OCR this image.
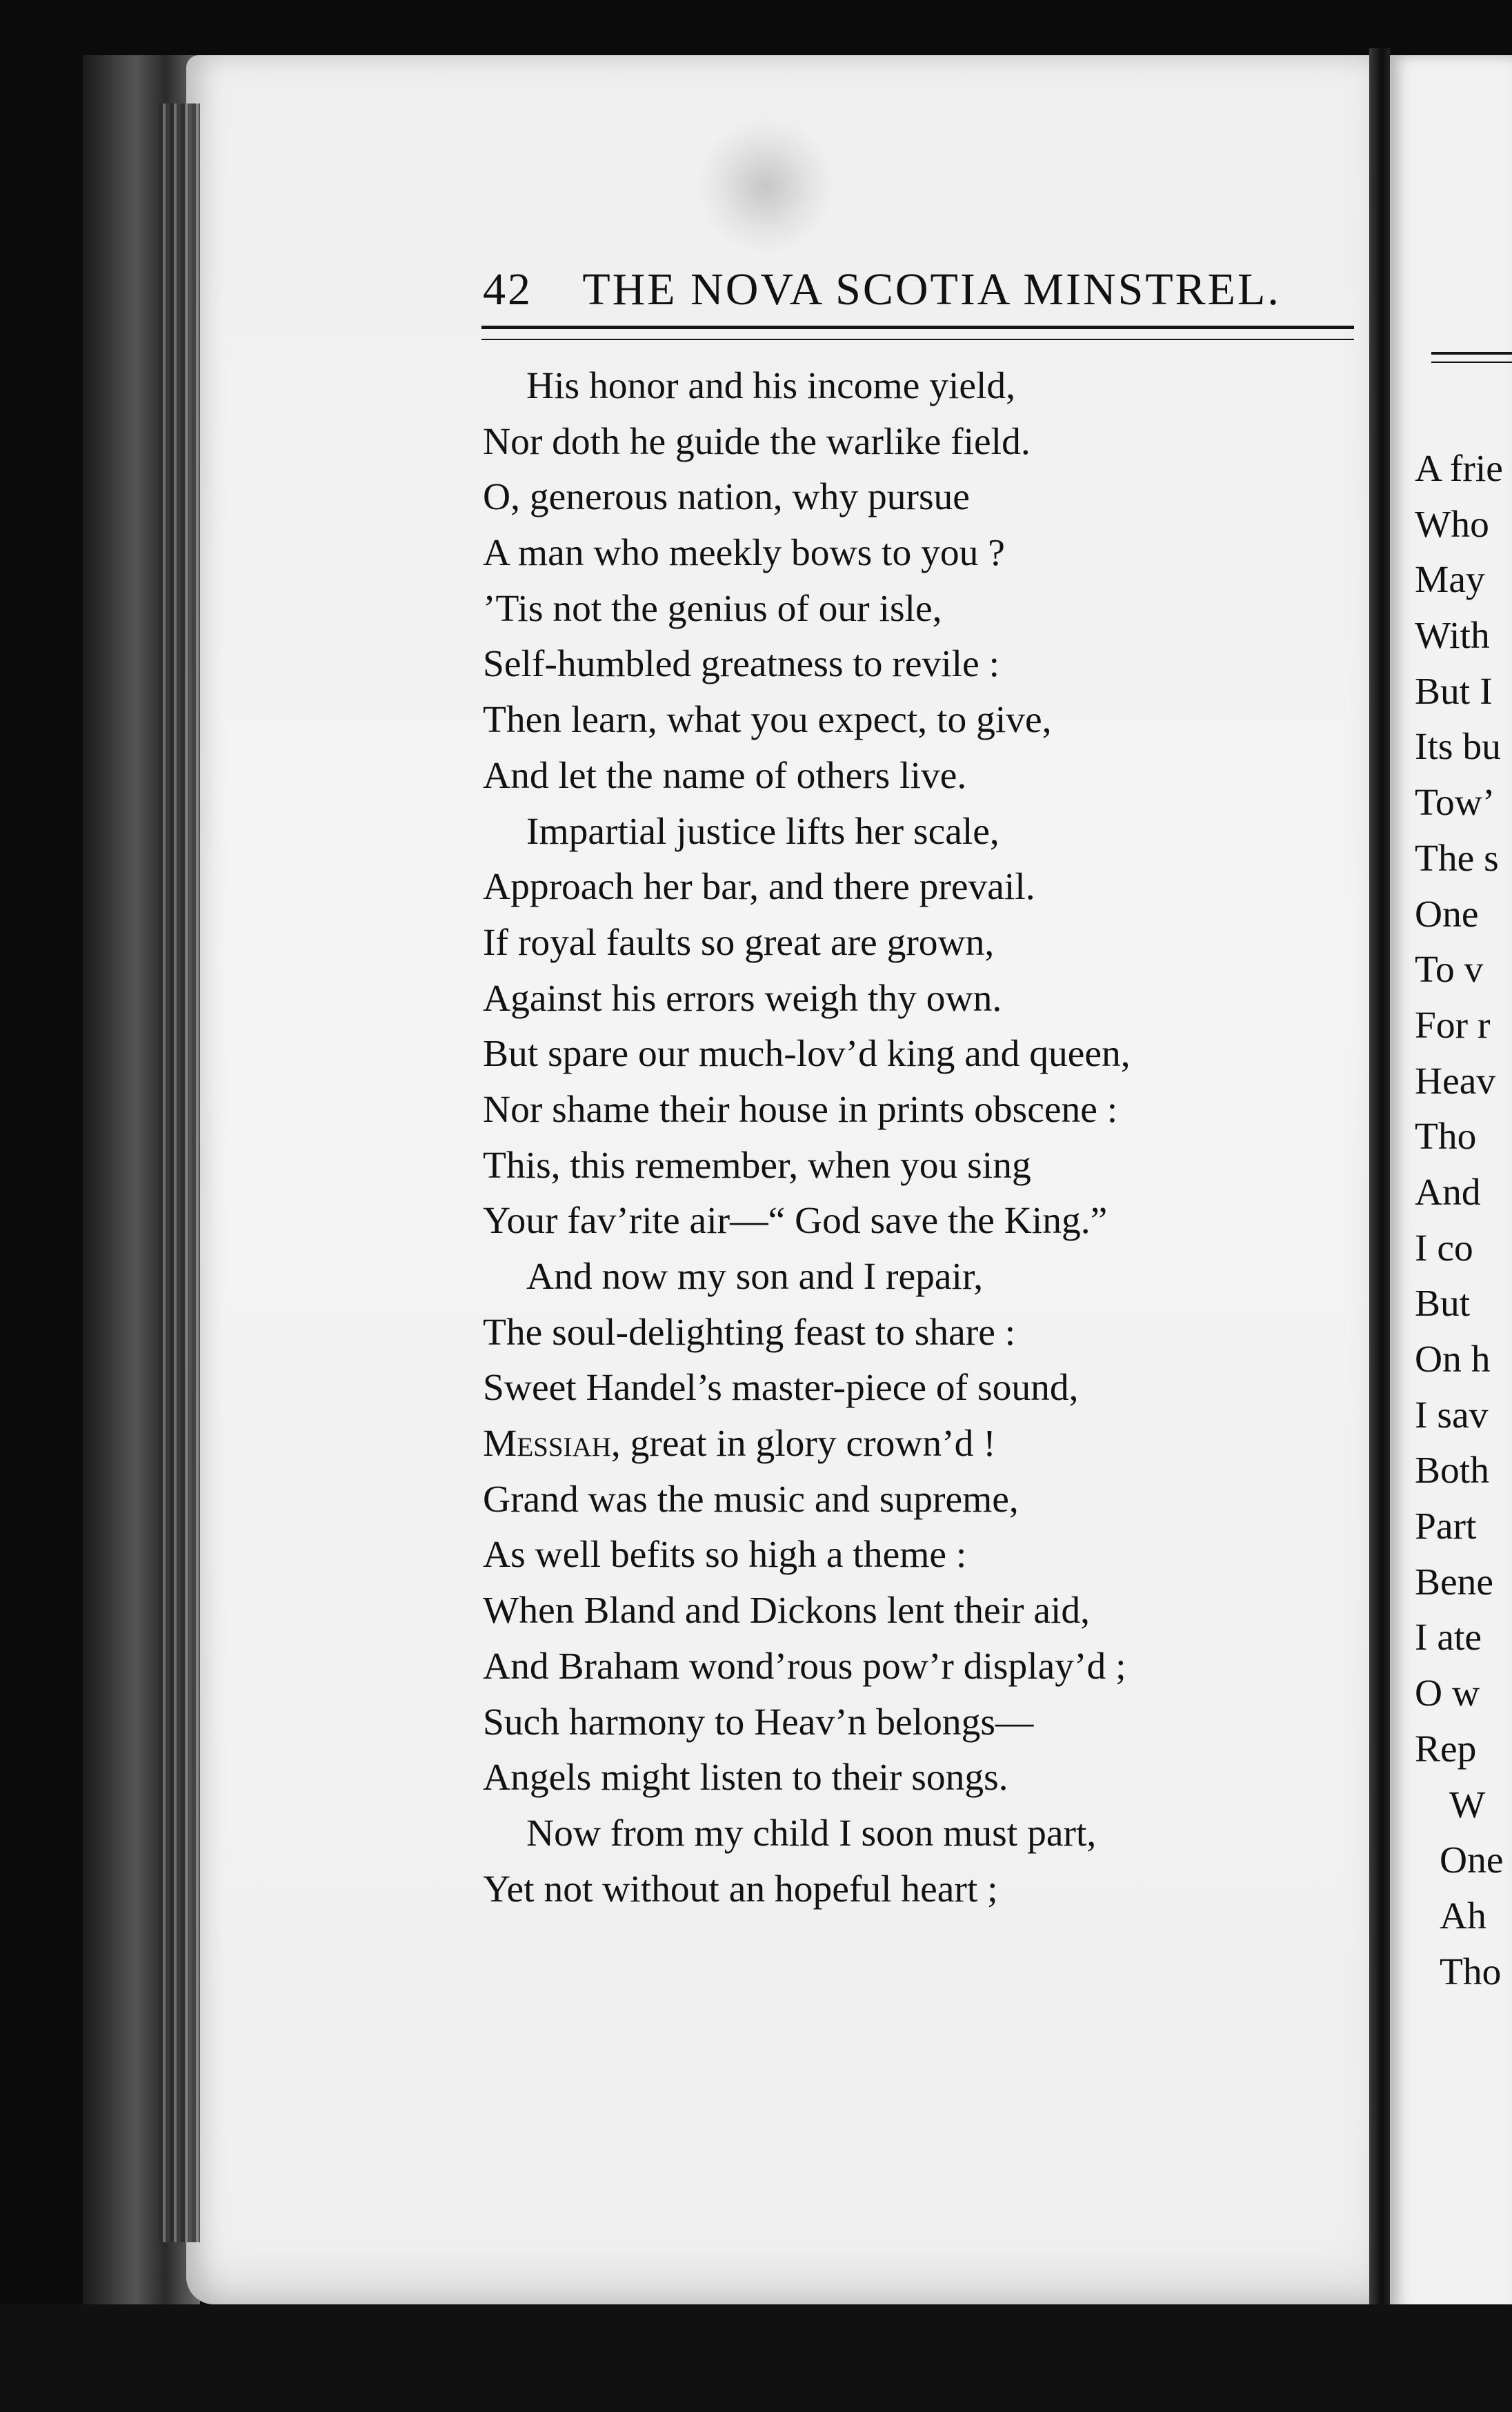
A frie
Who
May
With
But I
Its bu
Tow’
The s
One
To v
For r
Heav
Tho
And
I co
But
On h
I sav
Both
Part
Bene
I ate
O w
Rep
W
One
Ah
Tho
42 THE NOVA SCOTIA MINSTREL.
His honor and his income yield,
Nor doth he guide the warlike field.
O, generous nation, why pursue
A man who meekly bows to you ?
’Tis not the genius of our isle,
Self-humbled greatness to revile :
Then learn, what you expect, to give,
And let the name of others live.
Impartial justice lifts her scale,
Approach her bar, and there prevail.
If royal faults so great are grown,
Against his errors weigh thy own.
But spare our much-lov’d king and queen,
Nor shame their house in prints obscene :
This, this remember, when you sing
Your fav’rite air—“ God save the King.”
And now my son and I repair,
The soul-delighting feast to share :
Sweet Handel’s master-piece of sound,
Messiah, great in glory crown’d !
Grand was the music and supreme,
As well befits so high a theme :
When Bland and Dickons lent their aid,
And Braham wond’rous pow’r display’d ;
Such harmony to Heav’n belongs—
Angels might listen to their songs.
Now from my child I soon must part,
Yet not without an hopeful heart ;
